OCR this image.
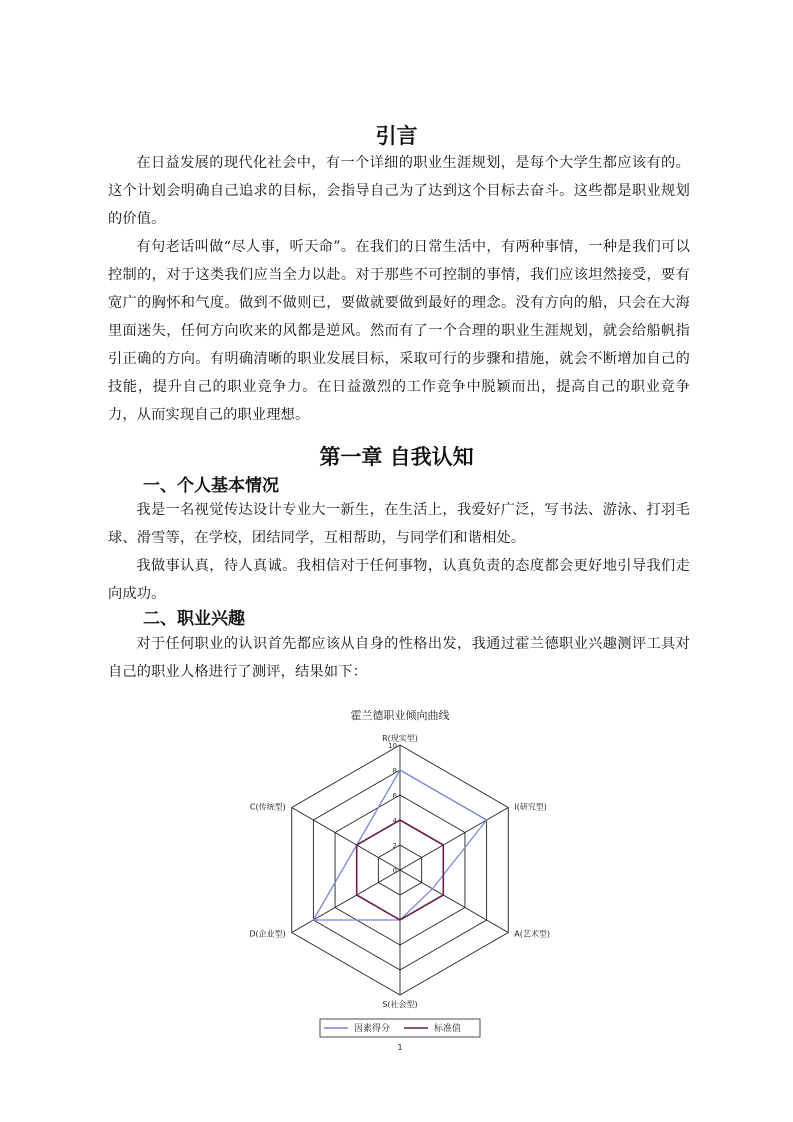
引言

在日益发展的现代化社会中，有一个详细的职业生涯规划，是每个大学生都应该有的。这个计划会明确自己追求的目标，会指导自己为了达到这个目标去奋斗。这些都是职业规划的价值。

有句老话叫做“尽人事，听天命”。在我们的日常生活中，有两种事情，一种是我们可以控制的，对于这类我们应当全力以赴。对于那些不可控制的事情，我们应该坦然接受，要有宽广的胸怀和气度。做到不做则已，要做就要做到最好的理念。没有方向的船，只会在大海里面迷失，任何方向吹来的风都是逆风。然而有了一个合理的职业生涯规划，就会给船帆指引正确的方向。有明确清晰的职业发展目标，采取可行的步骤和措施，就会不断增加自己的技能，提升自己的职业竞争力。在日益激烈的工作竞争中脱颖而出，提高自己的职业竞争力，从而实现自己的职业理想。

第一章 自我认知
一、个人基本情况

我是一名视觉传达设计专业大一新生，在生活上，我爱好广泛，写书法、游泳、打羽毛球、滑雪等，在学校，团结同学，互相帮助，与同学们和谐相处。

我做事认真，待人真诚。我相信对于任何事物，认真负责的态度都会更好地引导我们走向成功。

二、职业兴趣

对于任何职业的认识首先都应该从自身的性格出发，我通过霍兰德职业兴趣测评工具对自己的职业人格进行了测评，结果如下：

霍兰德职业倾向曲线
0
2
4
6
8
10
R(现实型)
I(研究型)
A(艺术型)
S(社会型)
D(企业型)
C(传统型)
因素得分	标准值
1
